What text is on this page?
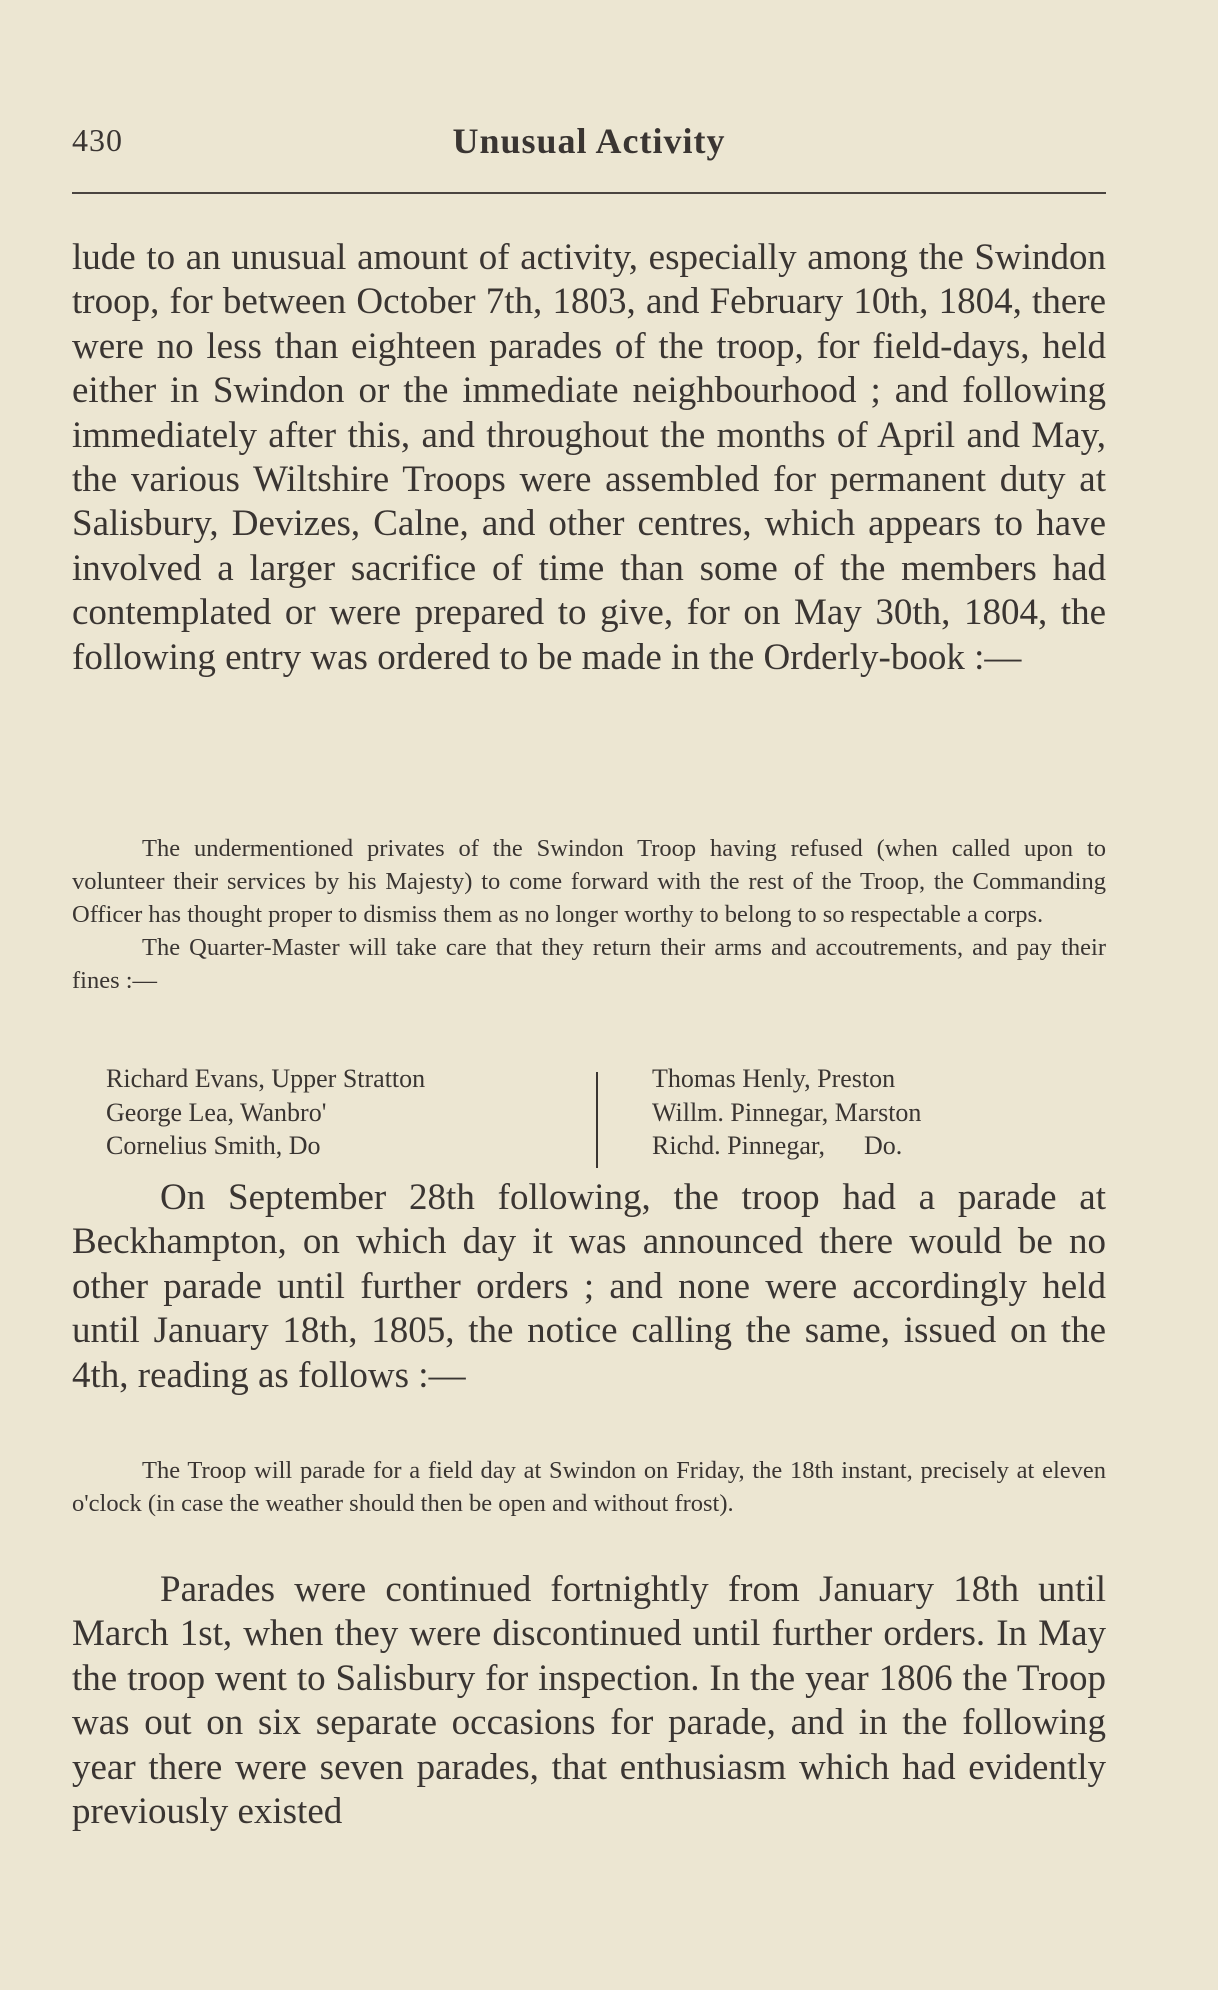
430	Unusual Activity

lude to an unusual amount of activity, especially among the Swindon troop, for between October 7th, 1803, and February 10th, 1804, there were no less than eighteen parades of the troop, for field-days, held either in Swindon or the immediate neighbourhood ; and following immediately after this, and throughout the months of April and May, the various Wiltshire Troops were assembled for permanent duty at Salisbury, Devizes, Calne, and other centres, which appears to have involved a larger sacrifice of time than some of the members had contemplated or were prepared to give, for on May 30th, 1804, the following entry was ordered to be made in the Orderly-book :—

The undermentioned privates of the Swindon Troop having refused (when called upon to volunteer their services by his Majesty) to come forward with the rest of the Troop, the Commanding Officer has thought proper to dismiss them as no longer worthy to belong to so respectable a corps.

The Quarter-Master will take care that they return their arms and accoutrements, and pay their fines :—

Richard Evans, Upper Stratton
George Lea, Wanbro'
Cornelius Smith, Do
Thomas Henly, Preston
Willm. Pinnegar, Marston
Richd. Pinnegar,      Do.

On September 28th following, the troop had a parade at Beckhampton, on which day it was announced there would be no other parade until further orders ; and none were accordingly held until January 18th, 1805, the notice calling the same, issued on the 4th, reading as follows :—

The Troop will parade for a field day at Swindon on Friday, the 18th instant, precisely at eleven o'clock (in case the weather should then be open and without frost).

Parades were continued fortnightly from January 18th until March 1st, when they were discontinued until further orders. In May the troop went to Salisbury for inspection. In the year 1806 the Troop was out on six separate occasions for parade, and in the following year there were seven parades, that enthusiasm which had evidently previously existed
